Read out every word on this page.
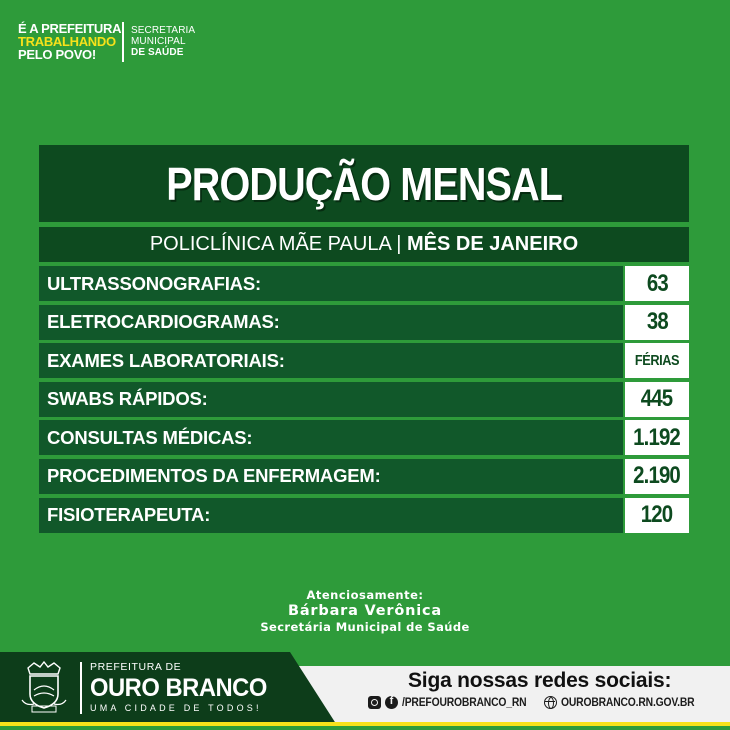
É A PREFEITURA
TRABALHANDO
PELO POVO!
SECRETARIA
MUNICIPAL
DE SAÚDE
PRODUÇÃO MENSAL
POLICLÍNICA MÃE PAULA | MÊS DE JANEIRO
ULTRASSONOGRAFIAS:	63
ELETROCARDIOGRAMAS:	38
EXAMES LABORATORIAIS:	FÉRIAS
SWABS RÁPIDOS:	445
CONSULTAS MÉDICAS:	1.192
PROCEDIMENTOS DA ENFERMAGEM:	2.190
FISIOTERAPEUTA:	120
Atenciosamente:
Bárbara Verônica
Secretária Municipal de Saúde
PREFEITURA DE
OURO BRANCO
UMA CIDADE DE TODOS!
Siga nossas redes sociais:
f /PREFOUROBRANCO_RN	OUROBRANCO.RN.GOV.BR
